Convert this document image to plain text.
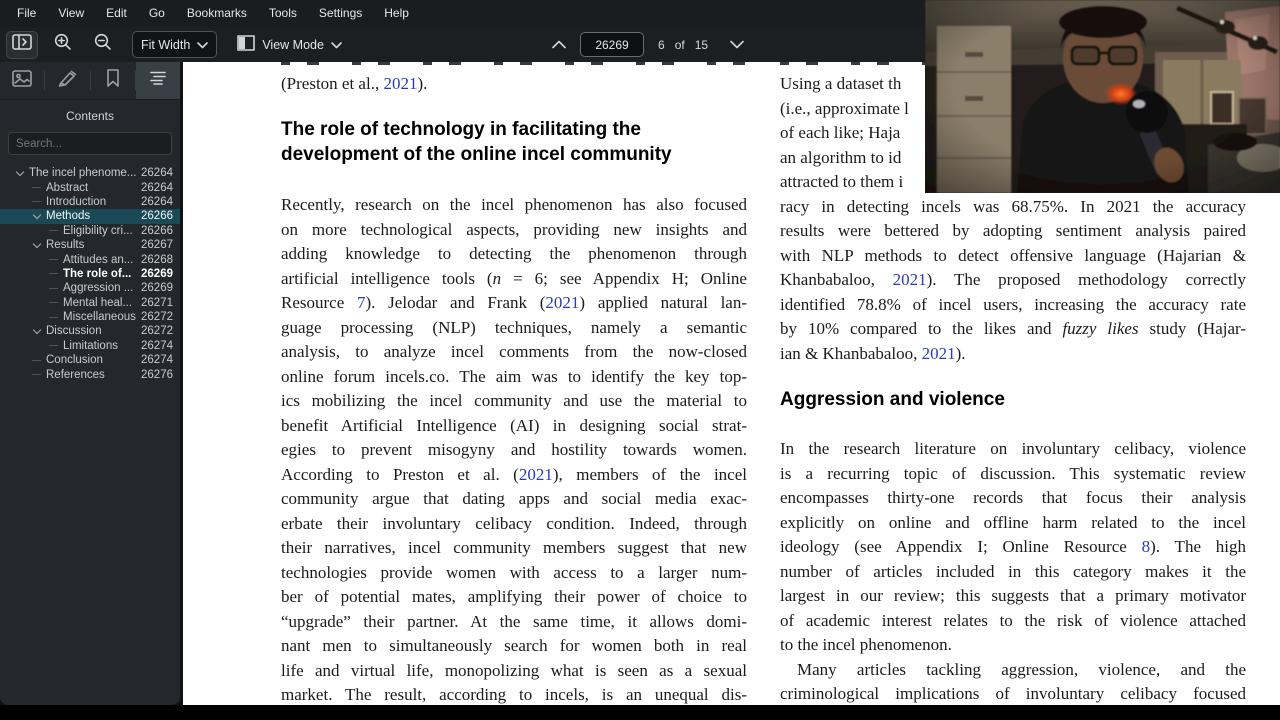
File	View	Edit	Go	Bookmarks	Tools	Settings	Help
Fit Width	View Mode
26269	6 of 15
Contents
Search...
The incel phenome... 26264
Abstract	26264
Introduction	26264
Methods	26266
Eligibility cri... 26266
Results	26267
Attitudes an... 26268
The role of... 26269
Aggression ... 26269
Mental heal... 26271
Miscellaneous 26272
Discussion	26272
Limitations	26274
Conclusion	26274
References	26276
(Preston et al., 2021).
The role of technology in facilitating the
development of the online incel community
Recently, research on the incel phenomenon has also focused
on more technological aspects, providing new insights and
adding knowledge to detecting the phenomenon through
artificial intelligence tools (n = 6; see Appendix H; Online
Resource 7). Jelodar and Frank (2021) applied natural lan-
guage processing (NLP) techniques, namely a semantic
analysis, to analyze incel comments from the now-closed
online forum incels.co. The aim was to identify the key top-
ics mobilizing the incel community and use the material to
benefit Artificial Intelligence (AI) in designing social strat-
egies to prevent misogyny and hostility towards women.
According to Preston et al. (2021), members of the incel
community argue that dating apps and social media exac-
erbate their involuntary celibacy condition. Indeed, through
their narratives, incel community members suggest that new
technologies provide women with access to a larger num-
ber of potential mates, amplifying their power of choice to
“upgrade” their partner. At the same time, it allows domi-
nant men to simultaneously search for women both in real
life and virtual life, monopolizing what is seen as a sexual
market. The result, according to incels, is an unequal dis-
Using a dataset th
(i.e., approximate l
of each like; Haja
an algorithm to id
attracted to them i
racy in detecting incels was 68.75%. In 2021 the accuracy
results were bettered by adopting sentiment analysis paired
with NLP methods to detect offensive language (Hajarian &
Khanbabaloo, 2021). The proposed methodology correctly
identified 78.8% of incel users, increasing the accuracy rate
by 10% compared to the likes and fuzzy likes study (Hajar-
ian & Khanbabaloo, 2021).
Aggression and violence
In the research literature on involuntary celibacy, violence
is a recurring topic of discussion. This systematic review
encompasses thirty-one records that focus their analysis
explicitly on online and offline harm related to the incel
ideology (see Appendix I; Online Resource 8). The high
number of articles included in this category makes it the
largest in our review; this suggests that a primary motivator
of academic interest relates to the risk of violence attached
to the incel phenomenon.
 Many articles tackling aggression, violence, and the
criminological implications of involuntary celibacy focused
